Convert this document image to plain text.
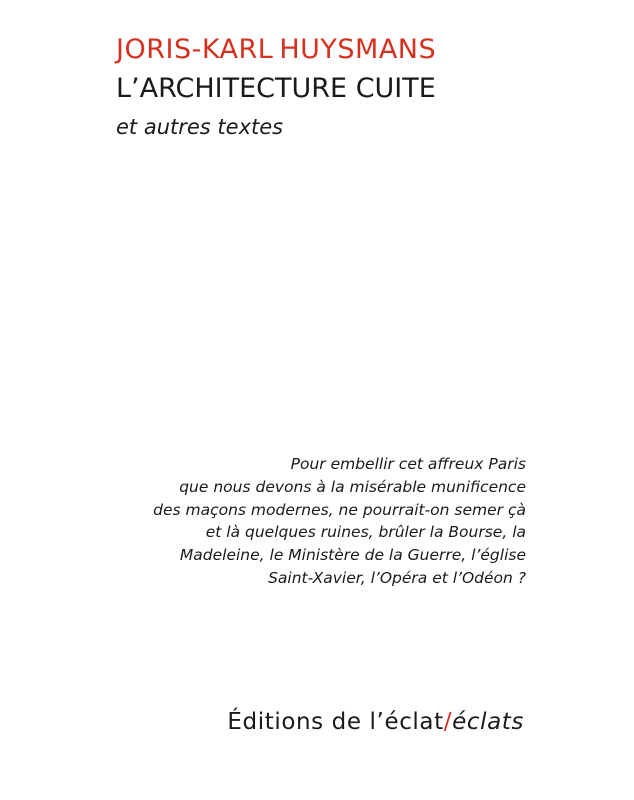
JORIS-KARL HUYSMANS
L’ARCHITECTURE CUITE
et autres textes

Pour embellir cet affreux Paris
que nous devons à la misérable munificence
des maçons modernes, ne pourrait-on semer çà
et là quelques ruines, brûler la Bourse, la
Madeleine, le Ministère de la Guerre, l’église
Saint-Xavier, l’Opéra et l’Odéon ?

Éditions de l’éclat/éclats
